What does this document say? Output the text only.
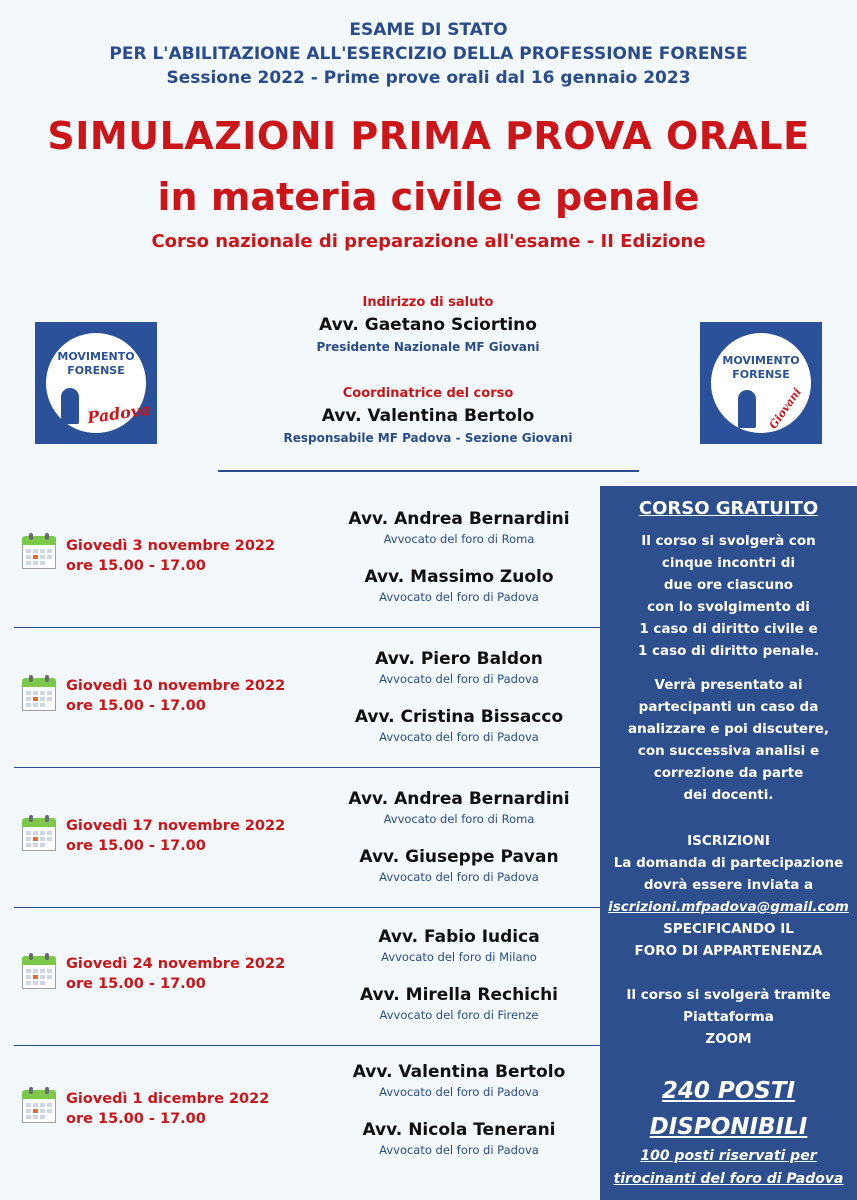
ESAME DI STATO
PER L'ABILITAZIONE ALL'ESERCIZIO DELLA PROFESSIONE FORENSE
Sessione 2022 - Prime prove orali dal 16 gennaio 2023
SIMULAZIONI PRIMA PROVA ORALE
in materia civile e penale
Corso nazionale di preparazione all'esame - II Edizione
MOVIMENTO
FORENSE
Padova
MOVIMENTO
FORENSE
Giovani
Indirizzo di saluto
Avv. Gaetano Sciortino
Presidente Nazionale MF Giovani
Coordinatrice del corso
Avv. Valentina Bertolo
Responsabile MF Padova - Sezione Giovani
Giovedì 3 novembre 2022
ore 15.00 - 17.00
Avv. Andrea Bernardini
Avvocato del foro di Roma
Avv. Massimo Zuolo
Avvocato del foro di Padova
Giovedì 10 novembre 2022
ore 15.00 - 17.00
Avv. Piero Baldon
Avvocato del foro di Padova
Avv. Cristina Bissacco
Avvocato del foro di Padova
Giovedì 17 novembre 2022
ore 15.00 - 17.00
Avv. Andrea Bernardini
Avvocato del foro di Roma
Avv. Giuseppe Pavan
Avvocato del foro di Padova
Giovedì 24 novembre 2022
ore 15.00 - 17.00
Avv. Fabio Iudica
Avvocato del foro di Milano
Avv. Mirella Rechichi
Avvocato del foro di Firenze
Giovedì 1 dicembre 2022
ore 15.00 - 17.00
Avv. Valentina Bertolo
Avvocato del foro di Padova
Avv. Nicola Tenerani
Avvocato del foro di Padova
CORSO GRATUITO
Il corso si svolgerà con
cinque incontri di
due ore ciascuno
con lo svolgimento di
1 caso di diritto civile e
1 caso di diritto penale.
Verrà presentato ai
partecipanti un caso da
analizzare e poi discutere,
con successiva analisi e
correzione da parte
dei docenti.
ISCRIZIONI
La domanda di partecipazione
dovrà essere inviata a
iscrizioni.mfpadova@gmail.com
SPECIFICANDO IL
FORO DI APPARTENENZA
Il corso si svolgerà tramite
Piattaforma
ZOOM
240 POSTI
DISPONIBILI
100 posti riservati per
tirocinanti del foro di Padova
